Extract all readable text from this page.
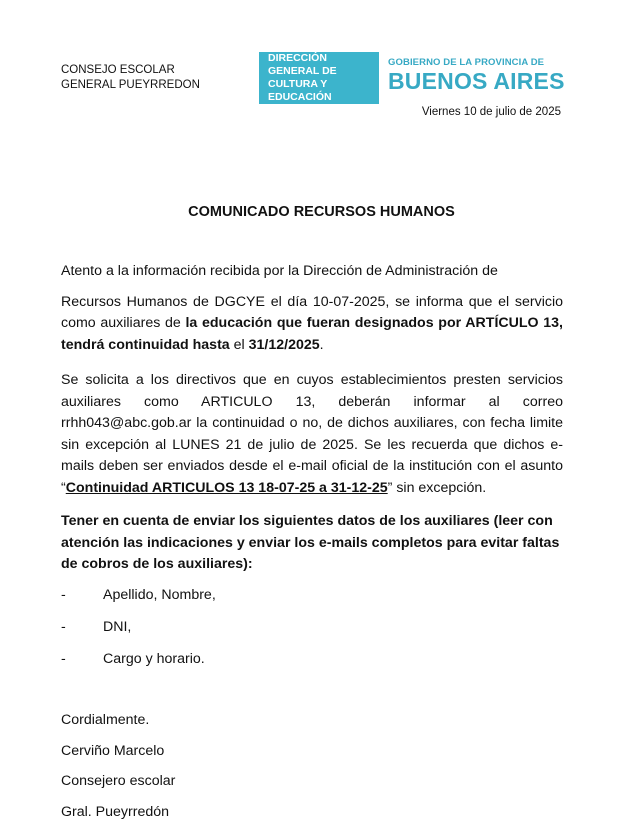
CONSEJO ESCOLAR
GENERAL PUEYRREDON
DIRECCIÓN GENERAL DE
CULTURA Y EDUCACIÓN
GOBIERNO DE LA PROVINCIA DE
BUENOS AIRES
Viernes 10 de julio de 2025
COMUNICADO RECURSOS HUMANOS
Atento a la información recibida por la Dirección de Administración de
Recursos Humanos de DGCYE el día 10-07-2025, se informa que el servicio como auxiliares de la educación que fueran designados por ARTÍCULO 13, tendrá continuidad hasta el 31/12/2025.
Se solicita a los directivos que en cuyos establecimientos presten servicios auxiliares como ARTICULO 13, deberán informar al correo rrhh043@abc.gob.ar la continuidad o no, de dichos auxiliares, con fecha limite sin excepción al LUNES 21 de julio de 2025. Se les recuerda que dichos e-mails deben ser enviados desde el e-mail oficial de la institución con el asunto “Continuidad ARTICULOS 13 18-07-25 a 31-12-25” sin excepción.
Tener en cuenta de enviar los siguientes datos de los auxiliares (leer con atención las indicaciones y enviar los e-mails completos para evitar faltas de cobros de los auxiliares):
-	Apellido, Nombre,
-	DNI,
-	Cargo y horario.
Cordialmente.
Cerviño Marcelo
Consejero escolar
Gral. Pueyrredón
